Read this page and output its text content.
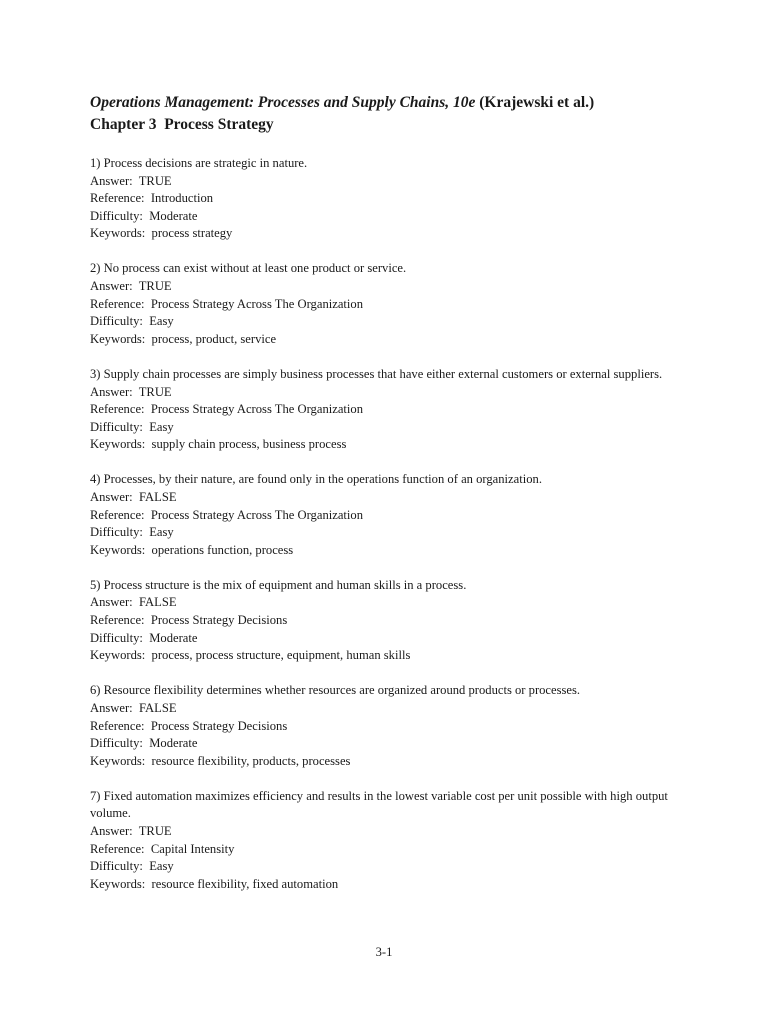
Operations Management: Processes and Supply Chains, 10e (Krajewski et al.)

Chapter 3  Process Strategy

1) Process decisions are strategic in nature.
Answer:  TRUE
Reference:  Introduction
Difficulty:  Moderate
Keywords:  process strategy
2) No process can exist without at least one product or service.
Answer:  TRUE
Reference:  Process Strategy Across The Organization
Difficulty:  Easy
Keywords:  process, product, service
3) Supply chain processes are simply business processes that have either external customers or external suppliers.
Answer:  TRUE
Reference:  Process Strategy Across The Organization
Difficulty:  Easy
Keywords:  supply chain process, business process
4) Processes, by their nature, are found only in the operations function of an organization.
Answer:  FALSE
Reference:  Process Strategy Across The Organization
Difficulty:  Easy
Keywords:  operations function, process
5) Process structure is the mix of equipment and human skills in a process.
Answer:  FALSE
Reference:  Process Strategy Decisions
Difficulty:  Moderate
Keywords:  process, process structure, equipment, human skills
6) Resource flexibility determines whether resources are organized around products or processes.
Answer:  FALSE
Reference:  Process Strategy Decisions
Difficulty:  Moderate
Keywords:  resource flexibility, products, processes
7) Fixed automation maximizes efficiency and results in the lowest variable cost per unit possible with high output volume.
Answer:  TRUE
Reference:  Capital Intensity
Difficulty:  Easy
Keywords:  resource flexibility, fixed automation
3-1
